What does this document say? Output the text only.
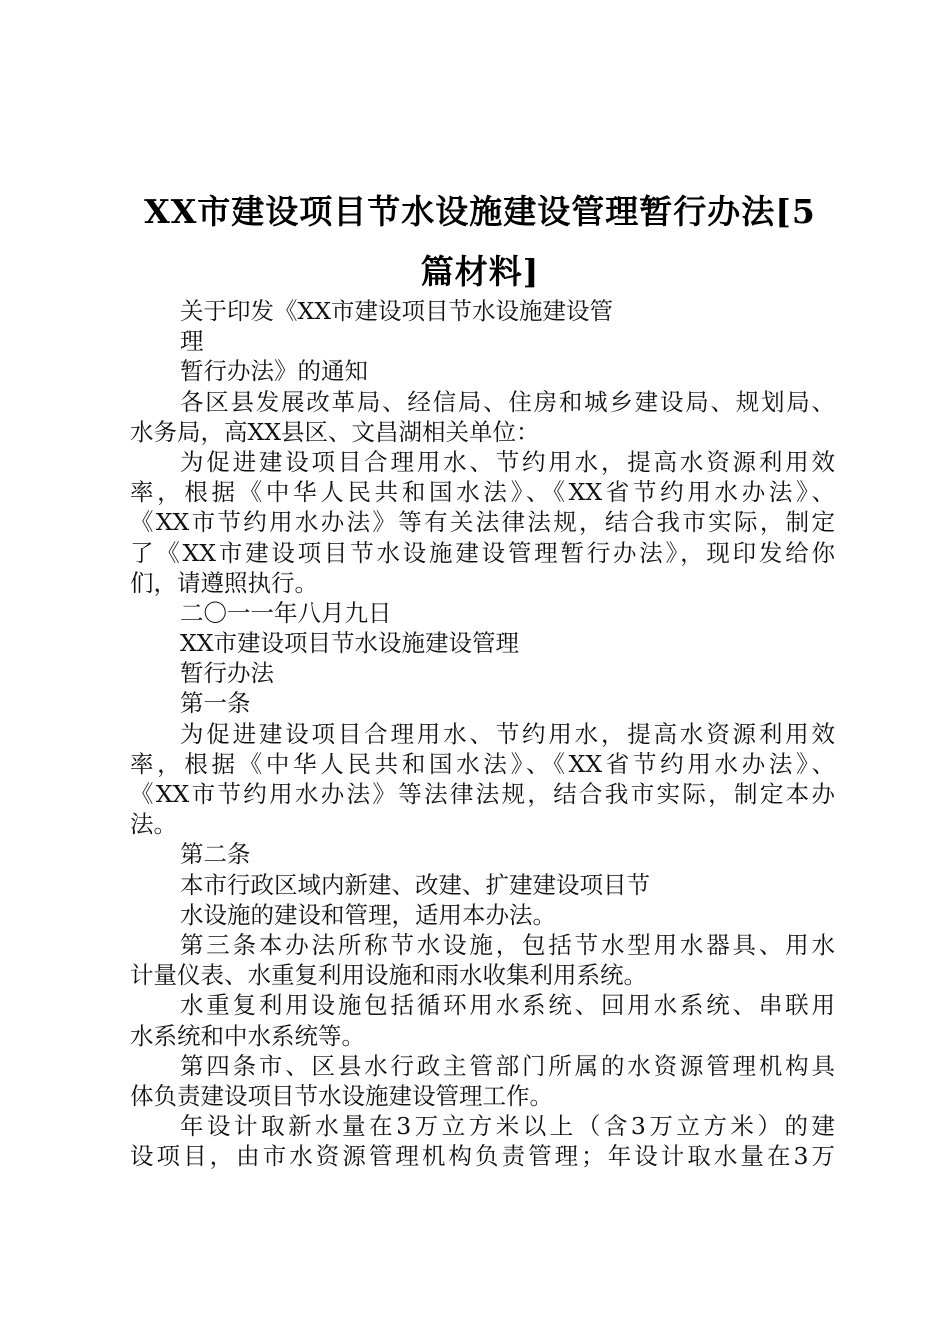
XX市建设项目节水设施建设管理暂行办法[5
篇材料]
关于印发《XX市建设项目节水设施建设管
理
暂行办法》的通知
各区县发展改革局、经信局、住房和城乡建设局、规划局、
水务局，高XX县区、文昌湖相关单位：
为促进建设项目合理用水、节约用水，提高水资源利用效
率，根据《中华人民共和国水法》、《XX省节约用水办法》、
《XX市节约用水办法》等有关法律法规，结合我市实际，制定
了《XX市建设项目节水设施建设管理暂行办法》，现印发给你
们，请遵照执行。
二〇一一年八月九日
XX市建设项目节水设施建设管理
暂行办法
第一条
为促进建设项目合理用水、节约用水，提高水资源利用效
率，根据《中华人民共和国水法》、《XX省节约用水办法》、
《XX市节约用水办法》等法律法规，结合我市实际，制定本办
法。
第二条
本市行政区域内新建、改建、扩建建设项目节
水设施的建设和管理，适用本办法。
第三条本办法所称节水设施，包括节水型用水器具、用水
计量仪表、水重复利用设施和雨水收集利用系统。
水重复利用设施包括循环用水系统、回用水系统、串联用
水系统和中水系统等。
第四条市、区县水行政主管部门所属的水资源管理机构具
体负责建设项目节水设施建设管理工作。
年设计取新水量在3万立方米以上（含3万立方米）的建
设项目，由市水资源管理机构负责管理；年设计取水量在3万
